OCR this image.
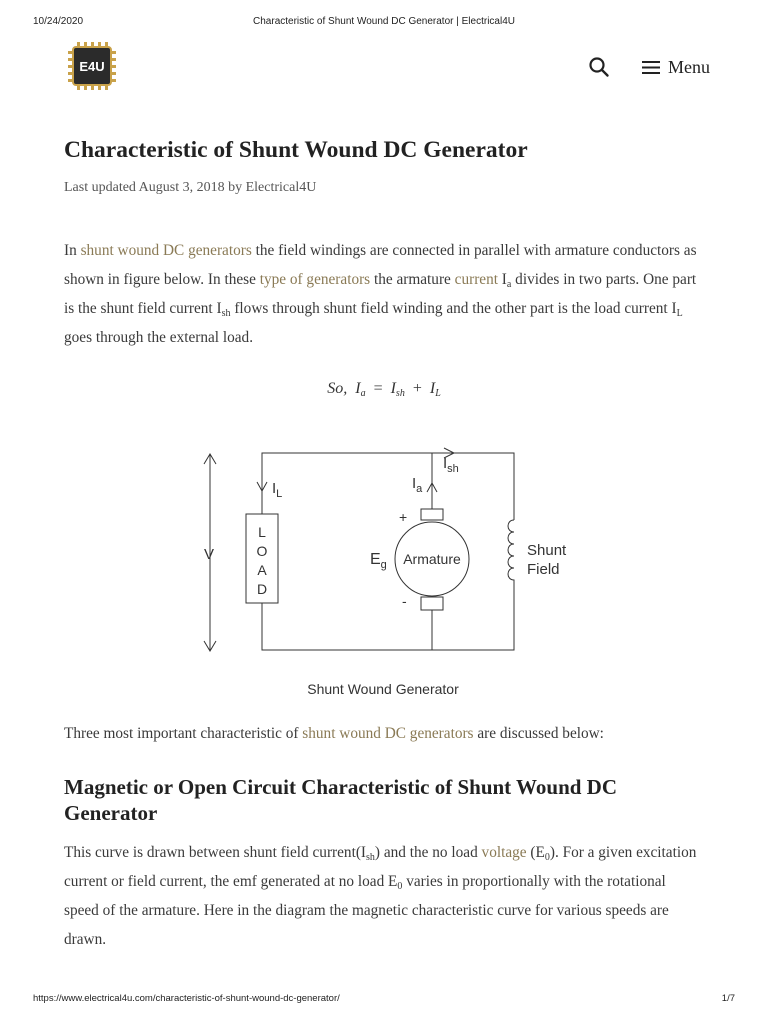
10/24/2020	Characteristic of Shunt Wound DC Generator | Electrical4U
E4U	Menu
Characteristic of Shunt Wound DC Generator
Last updated August 3, 2018 by Electrical4U

In shunt wound DC generators the field windings are connected in parallel with armature conductors as shown in figure below. In these type of generators the armature current $I_a$ divides in two parts. One part is the shunt field current $I_{sh}$ flows through shunt field winding and the other part is the load current $I_L$ goes through the external load.

So, $I_a = I_{sh} + I_L$

V
L
O
A
D
$I_L$
Armature
+
-
$I_a$
$I_{sh}$
$E_g$
Shunt
Field
Shunt Wound Generator

Three most important characteristic of shunt wound DC generators are discussed below:

Magnetic or Open Circuit Characteristic of Shunt Wound DC Generator

This curve is drawn between shunt field $current(I_{sh})$ and the no load voltage $(E_0)$. For a given excitation current or field current, the emf generated at no load $E_0$ varies in proportionally with the rotational speed of the armature. Here in the diagram the magnetic characteristic curve for various speeds are drawn.

https://www.electrical4u.com/characteristic-of-shunt-wound-dc-generator/	1/7
